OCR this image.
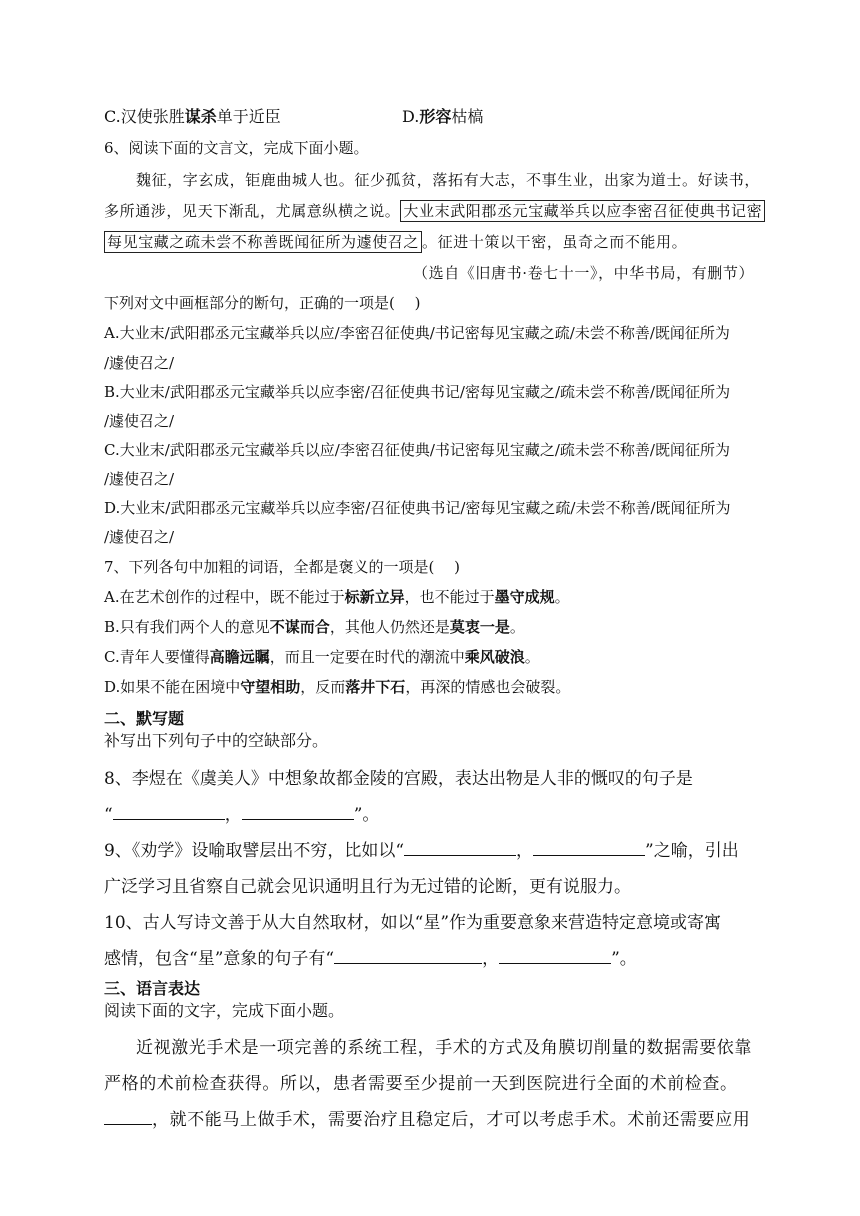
C.汉使张胜谋杀单于近臣	D.形容枯槁
6、阅读下面的文言文，完成下面小题。
魏征，字玄成，钜鹿曲城人也。征少孤贫，落拓有大志，不事生业，出家为道士。好读书，
多所通涉，见天下渐乱，尤属意纵横之说。 大业末武阳郡丞元宝藏举兵以应李密召征使典书记密
每见宝藏之疏未尝不称善既闻征所为遽使召之 。征进十策以干密，虽奇之而不能用。
（选自《旧唐书·卷七十一》，中华书局，有删节）
下列对文中画框部分的断句，正确的一项是(　 )
A.大业末/武阳郡丞元宝藏举兵以应/李密召征使典/书记密每见宝藏之疏/未尝不称善/既闻征所为
/遽使召之/
B.大业末/武阳郡丞元宝藏举兵以应李密/召征使典书记/密每见宝藏之/疏未尝不称善/既闻征所为
/遽使召之/
C.大业末/武阳郡丞元宝藏举兵以应/李密召征使典/书记密每见宝藏之/疏未尝不称善/既闻征所为
/遽使召之/
D.大业末/武阳郡丞元宝藏举兵以应李密/召征使典书记/密每见宝藏之疏/未尝不称善/既闻征所为
/遽使召之/
7、下列各句中加粗的词语，全都是褒义的一项是(　 )
A.在艺术创作的过程中，既不能过于标新立异，也不能过于墨守成规。
B.只有我们两个人的意见不谋而合，其他人仍然还是莫衷一是。
C.青年人要懂得高瞻远瞩，而且一定要在时代的潮流中乘风破浪。
D.如果不能在困境中守望相助，反而落井下石，再深的情感也会破裂。
二、默写题
补写出下列句子中的空缺部分。
8、李煜在《虞美人》中想象故都金陵的宫殿，表达出物是人非的慨叹的句子是
“	，	”。
9、《劝学》设喻取譬层出不穷，比如以“	，	”之喻，引出
广泛学习且省察自己就会见识通明且行为无过错的论断，更有说服力。
10、古人写诗文善于从大自然取材，如以“星”作为重要意象来营造特定意境或寄寓
感情，包含“星”意象的句子有“	，	”。
三、语言表达
阅读下面的文字，完成下面小题。
近视激光手术是一项完善的系统工程，手术的方式及角膜切削量的数据需要依靠
严格的术前检查获得。所以，患者需要至少提前一天到医院进行全面的术前检查。
，就不能马上做手术，需要治疗且稳定后，才可以考虑手术。术前还需要应用
